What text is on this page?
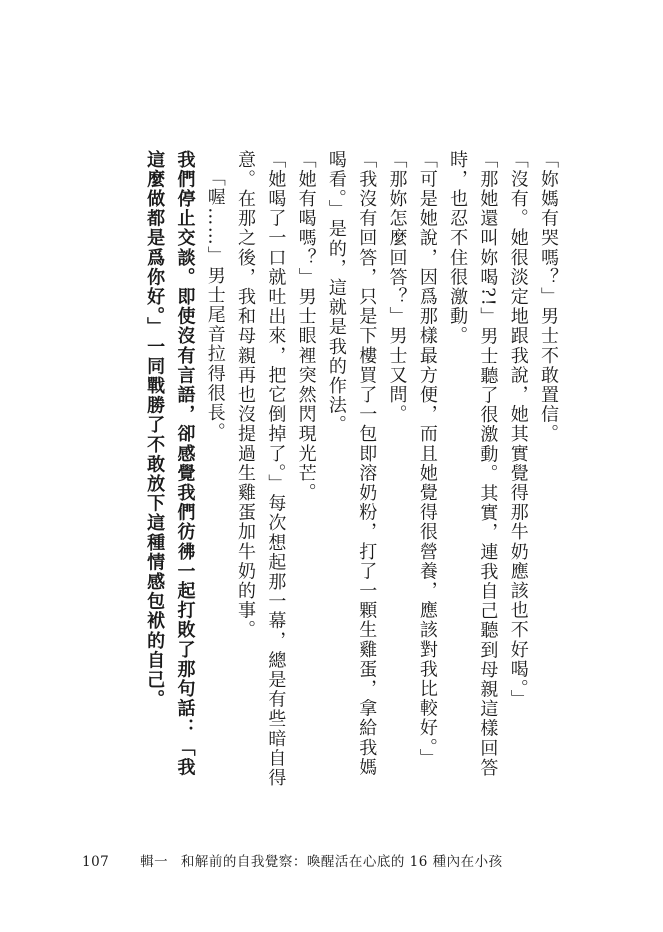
「妳媽有哭嗎？」男士不敢置信。

「沒有。她很淡定地跟我說，她其實覺得那牛奶應該也不好喝。」

「那她還叫妳喝?!」男士聽了很激動。其實，連我自己聽到母親這樣回答時，也忍不住很激動。

「可是她說，因爲那樣最方便，而且她覺得很營養，應該對我比較好。」

「那妳怎麼回答？」男士又問。

「我沒有回答，只是下樓買了一包即溶奶粉，打了一顆生雞蛋，拿給我媽喝看。」是的，這就是我的作法。

「她有喝嗎？」男士眼裡突然閃現光芒。

「她喝了一口就吐出來，把它倒掉了。」每次想起那一幕，總是有些暗自得意。在那之後，我和母親再也沒提過生雞蛋加牛奶的事。

「喔……」男士尾音拉得很長。

我們停止交談。即使沒有言語，卻感覺我們彷彿一起打敗了那句話：「我這麼做都是爲你好。」一同戰勝了不敢放下這種情感包袱的自己。

107 輯一 和解前的自我覺察：喚醒活在心底的 16 種內在小孩
